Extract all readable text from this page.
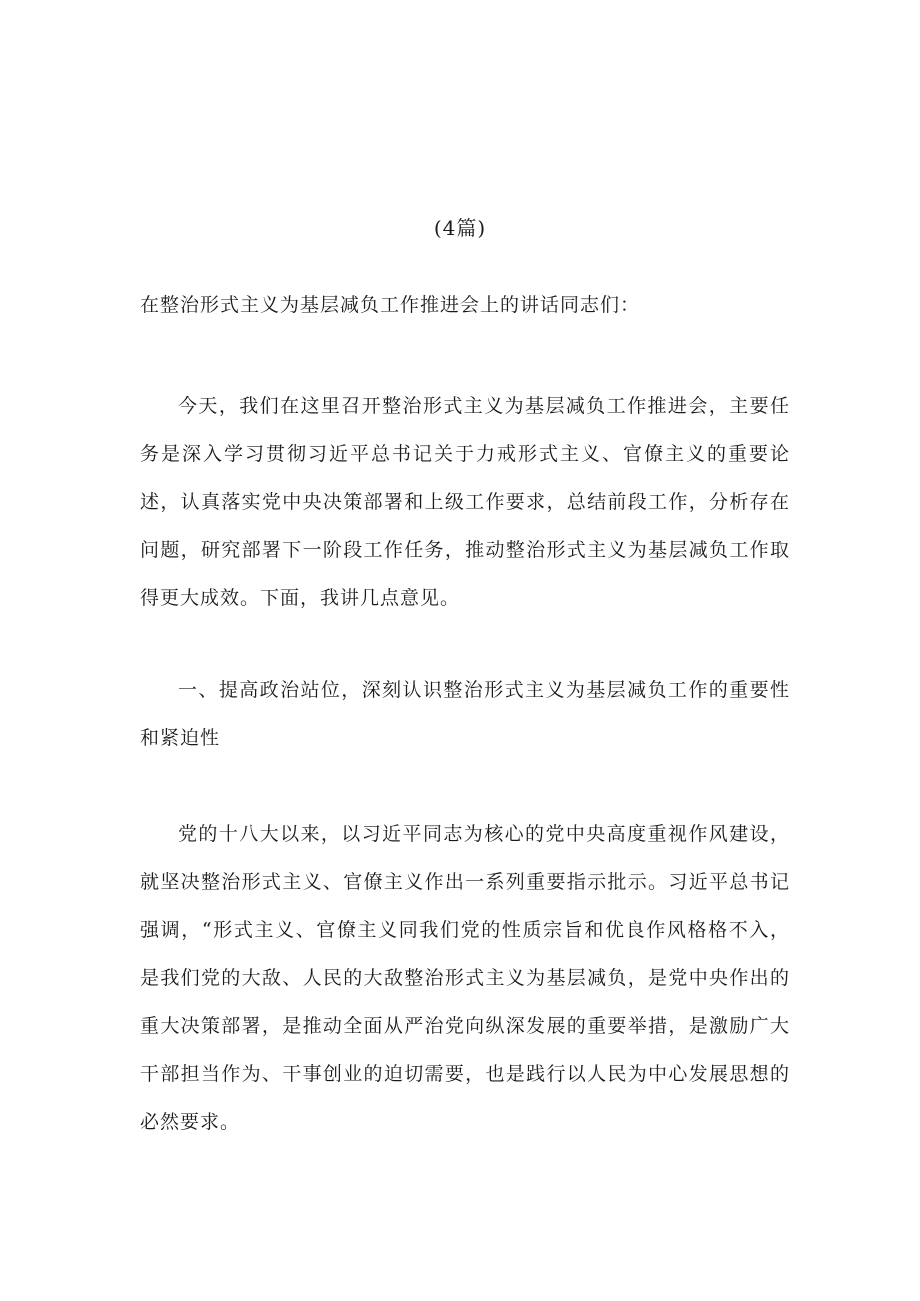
(4篇)
在整治形式主义为基层减负工作推进会上的讲话同志们：

今天，我们在这里召开整治形式主义为基层减负工作推进会，主要任务是深入学习贯彻习近平总书记关于力戒形式主义、官僚主义的重要论述，认真落实党中央决策部署和上级工作要求，总结前段工作，分析存在问题，研究部署下一阶段工作任务，推动整治形式主义为基层减负工作取得更大成效。下面，我讲几点意见。

一、提高政治站位，深刻认识整治形式主义为基层减负工作的重要性和紧迫性

党的十八大以来，以习近平同志为核心的党中央高度重视作风建设，就坚决整治形式主义、官僚主义作出一系列重要指示批示。习近平总书记强调，“形式主义、官僚主义同我们党的性质宗旨和优良作风格格不入，是我们党的大敌、人民的大敌整治形式主义为基层减负，是党中央作出的重大决策部署，是推动全面从严治党向纵深发展的重要举措，是激励广大干部担当作为、干事创业的迫切需要，也是践行以人民为中心发展思想的必然要求。
